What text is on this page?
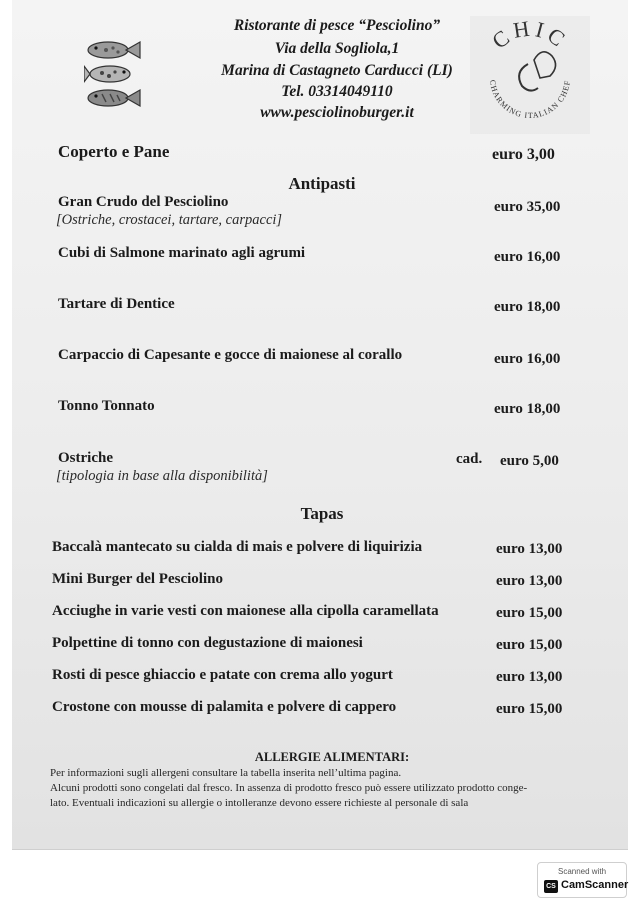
Ristorante di pesce “Pesciolino”
Via della Sogliola,1
Marina di Castagneto Carducci (LI)
Tel. 03314049110
www.pesciolinoburger.it
CHIC
CHARMING ITALIAN CHEF
Coperto e Pane	euro 3,00
Antipasti
Gran Crudo del Pesciolino	euro 35,00
[Ostriche, crostacei, tartare, carpacci]
Cubi di Salmone marinato agli agrumi	euro 16,00
Tartare di Dentice	euro 18,00
Carpaccio di Capesante e gocce di maionese al corallo	euro 16,00
Tonno Tonnato	euro 18,00
Ostriche	cad. euro 5,00
[tipologia in base alla disponibilità]
Tapas
Baccalà mantecato su cialda di mais e polvere di liquirizia	euro 13,00
Mini Burger del Pesciolino	euro 13,00
Acciughe in varie vesti con maionese alla cipolla caramellata	euro 15,00
Polpettine di tonno con degustazione di maionesi	euro 15,00
Rosti di pesce ghiaccio e patate con crema allo yogurt	euro 13,00
Crostone con mousse di palamita e polvere di cappero	euro 15,00
ALLERGIE ALIMENTARI:
Per informazioni sugli allergeni consultare la tabella inserita nell’ultima pagina.
Alcuni prodotti sono congelati dal fresco. In assenza di prodotto fresco può essere utilizzato prodotto conge-
lato. Eventuali indicazioni su allergie o intolleranze devono essere richieste al personale di sala
Scanned with
CS CamScanner
